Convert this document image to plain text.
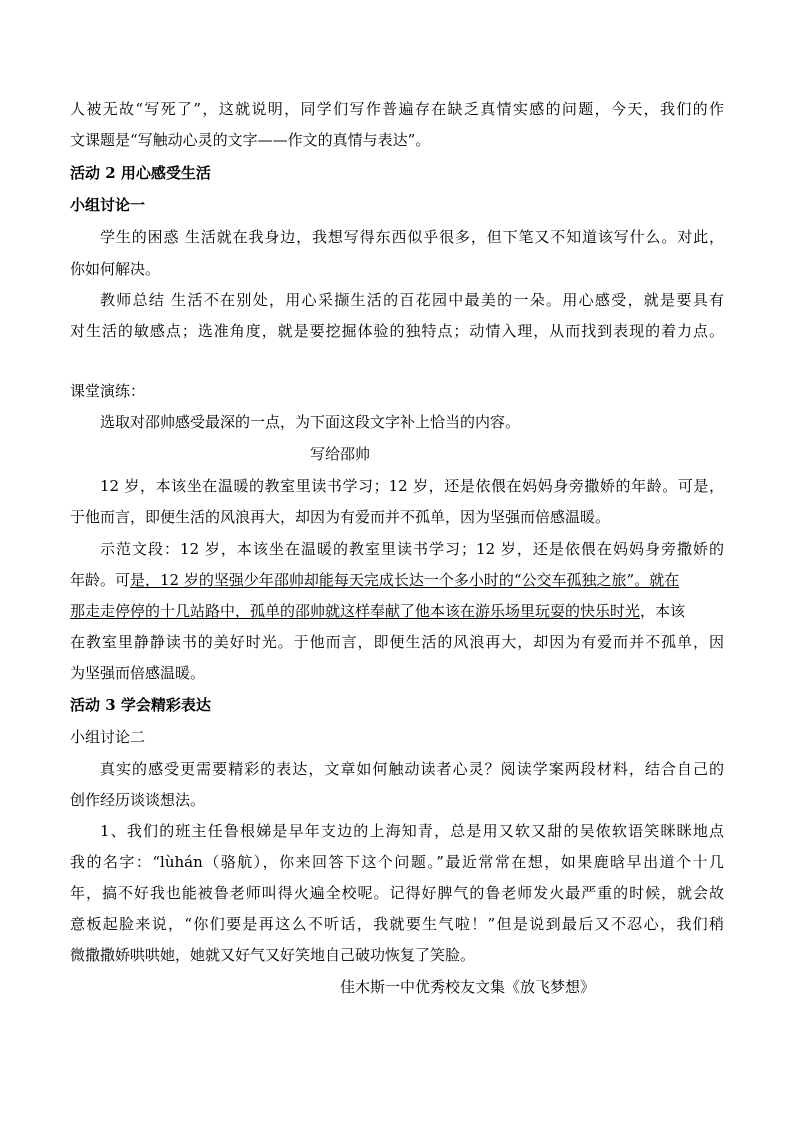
人被无故“写死了”，这就说明，同学们写作普遍存在缺乏真情实感的问题，今天，我们的作
文课题是“写触动心灵的文字——作文的真情与表达”。
活动 2 用心感受生活
小组讨论一
学生的困惑 生活就在我身边，我想写得东西似乎很多，但下笔又不知道该写什么。对此，
你如何解决。
教师总结 生活不在别处，用心采撷生活的百花园中最美的一朵。用心感受，就是要具有
对生活的敏感点；选准角度，就是要挖掘体验的独特点；动情入理，从而找到表现的着力点。
课堂演练：
选取对邵帅感受最深的一点，为下面这段文字补上恰当的内容。
写给邵帅
12 岁，本该坐在温暖的教室里读书学习；12 岁，还是依偎在妈妈身旁撒娇的年龄。可是，
于他而言，即便生活的风浪再大，却因为有爱而并不孤单，因为坚强而倍感温暖。
示范文段：12 岁，本该坐在温暖的教室里读书学习；12 岁，还是依偎在妈妈身旁撒娇的
年龄。可是，12 岁的坚强少年邵帅却能每天完成长达一个多小时的“公交车孤独之旅”。就在
那走走停停的十几站路中，孤单的邵帅就这样奉献了他本该在游乐场里玩耍的快乐时光，本该
在教室里静静读书的美好时光。于他而言，即便生活的风浪再大，却因为有爱而并不孤单，因
为坚强而倍感温暖。
活动 3 学会精彩表达
小组讨论二
真实的感受更需要精彩的表达，文章如何触动读者心灵？阅读学案两段材料，结合自己的
创作经历谈谈想法。
1、我们的班主任鲁根娣是早年支边的上海知青，总是用又软又甜的吴侬软语笑眯眯地点
我的名字：“lùhán（骆航），你来回答下这个问题。”最近常常在想，如果鹿晗早出道个十几
年，搞不好我也能被鲁老师叫得火遍全校呢。记得好脾气的鲁老师发火最严重的时候，就会故
意板起脸来说，“你们要是再这么不听话，我就要生气啦！”但是说到最后又不忍心，我们稍
微撒撒娇哄哄她，她就又好气又好笑地自己破功恢复了笑脸。
佳木斯一中优秀校友文集《放飞梦想》
